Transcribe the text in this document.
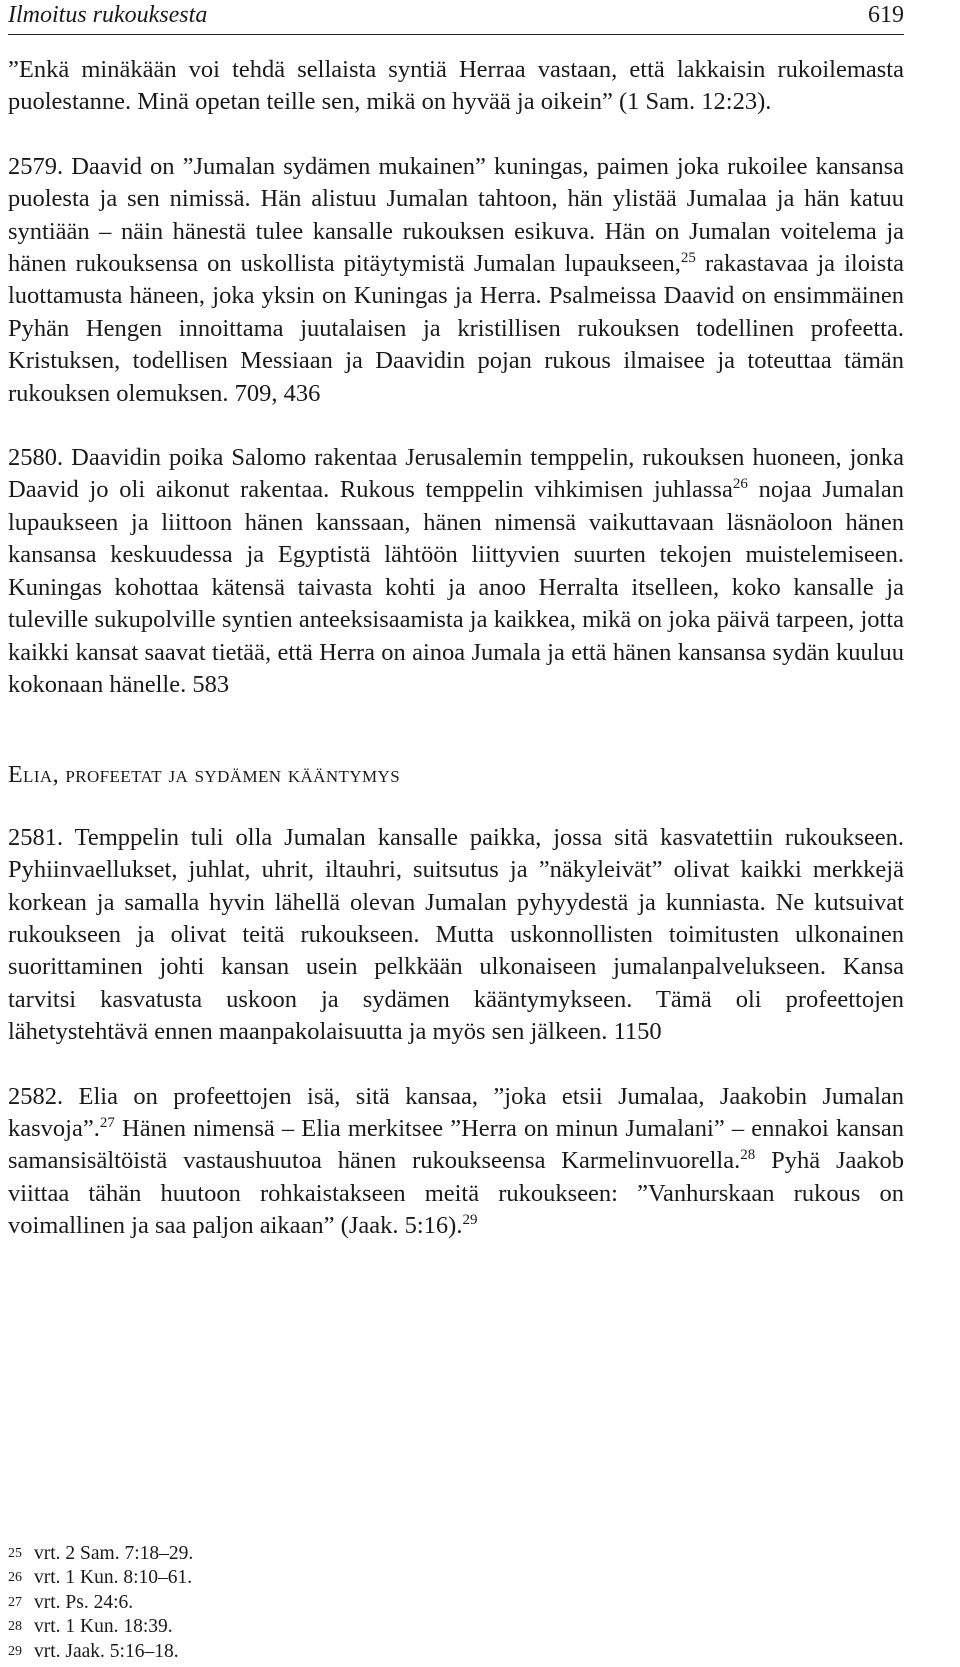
Ilmoitus rukouksesta	619

”Enkä minäkään voi tehdä sellaista syntiä Herraa vastaan, että lakkaisin rukoilemasta puolestanne. Minä opetan teille sen, mikä on hyvää ja oikein” (1 Sam. 12:23).

2579. Daavid on ”Jumalan sydämen mukainen” kuningas, paimen joka rukoilee kansansa puolesta ja sen nimissä. Hän alistuu Jumalan tahtoon, hän ylistää Jumalaa ja hän katuu syntiään – näin hänestä tulee kansalle rukouksen esikuva. Hän on Jumalan voitelema ja hänen rukouksensa on uskollista pitäytymistä Jumalan lupaukseen,$^{25}$ rakastavaa ja iloista luottamusta häneen, joka yksin on Kuningas ja Herra. Psalmeissa Daavid on ensimmäinen Pyhän Hengen innoittama juutalaisen ja kristillisen rukouksen todellinen profeetta. Kristuksen, todellisen Messiaan ja Daavidin pojan rukous ilmaisee ja toteuttaa tämän rukouksen olemuksen. 709, 436

2580. Daavidin poika Salomo rakentaa Jerusalemin temppelin, rukouksen huoneen, jonka Daavid jo oli aikonut rakentaa. Rukous temppelin vihkimisen juhlassa$^{26}$ nojaa Jumalan lupaukseen ja liittoon hänen kanssaan, hänen nimensä vaikuttavaan läsnäoloon hänen kansansa keskuudessa ja Egyptistä lähtöön liittyvien suurten tekojen muistelemiseen. Kuningas kohottaa kätensä taivasta kohti ja anoo Herralta itselleen, koko kansalle ja tuleville sukupolville syntien anteeksisaamista ja kaikkea, mikä on joka päivä tarpeen, jotta kaikki kansat saavat tietää, että Herra on ainoa Jumala ja että hänen kansansa sydän kuuluu kokonaan hänelle. 583

Elia, profeetat ja sydämen kääntymys

2581. Temppelin tuli olla Jumalan kansalle paikka, jossa sitä kasvatettiin rukoukseen. Pyhiinvaellukset, juhlat, uhrit, iltauhri, suitsutus ja ”näkyleivät” olivat kaikki merkkejä korkean ja samalla hyvin lähellä olevan Jumalan pyhyydestä ja kunniasta. Ne kutsuivat rukoukseen ja olivat teitä rukoukseen. Mutta uskonnollisten toimitusten ulkonainen suorittaminen johti kansan usein pelkkään ulkonaiseen jumalanpalvelukseen. Kansa tarvitsi kasvatusta uskoon ja sydämen kääntymykseen. Tämä oli profeettojen lähetystehtävä ennen maanpakolaisuutta ja myös sen jälkeen. 1150

2582. Elia on profeettojen isä, sitä kansaa, ”joka etsii Jumalaa, Jaakobin Jumalan kasvoja”.$^{27}$ Hänen nimensä – Elia merkitsee ”Herra on minun Jumalani” – ennakoi kansan samansisältöistä vastaushuutoa hänen rukoukseensa Karmelinvuorella.$^{28}$ Pyhä Jaakob viittaa tähän huutoon rohkaistakseen meitä rukoukseen: ”Vanhurskaan rukous on voimallinen ja saa paljon aikaan” (Jaak. 5:16).$^{29}$

25 vrt. 2 Sam. 7:18–29.
26 vrt. 1 Kun. 8:10–61.
27 vrt. Ps. 24:6.
28 vrt. 1 Kun. 18:39.
29 vrt. Jaak. 5:16–18.
